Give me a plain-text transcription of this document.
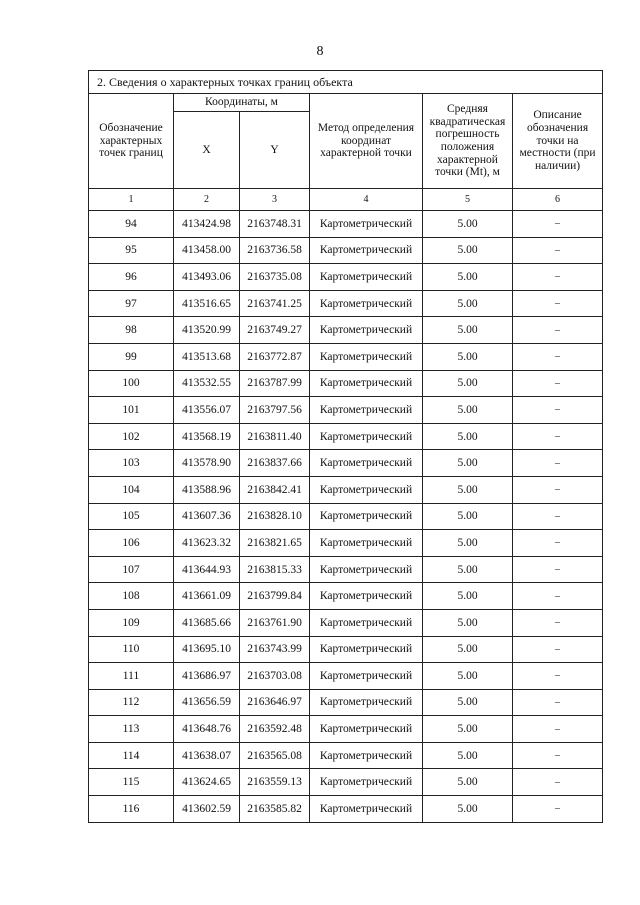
8
2. Сведения о характерных точках границ объекта					
Обозначение характерных точек границ	Координаты, м		Метод определения координат характерной точки	Средняя квадратическая погрешность положения характерной точки (Mt), м	Описание обозначения точки на местности (при наличии)
	X	Y			
1	2	3	4	5	6
94	413424.98	2163748.31	Картометрический	5.00	–
95	413458.00	2163736.58	Картометрический	5.00	–
96	413493.06	2163735.08	Картометрический	5.00	–
97	413516.65	2163741.25	Картометрический	5.00	–
98	413520.99	2163749.27	Картометрический	5.00	–
99	413513.68	2163772.87	Картометрический	5.00	–
100	413532.55	2163787.99	Картометрический	5.00	–
101	413556.07	2163797.56	Картометрический	5.00	–
102	413568.19	2163811.40	Картометрический	5.00	–
103	413578.90	2163837.66	Картометрический	5.00	–
104	413588.96	2163842.41	Картометрический	5.00	–
105	413607.36	2163828.10	Картометрический	5.00	–
106	413623.32	2163821.65	Картометрический	5.00	–
107	413644.93	2163815.33	Картометрический	5.00	–
108	413661.09	2163799.84	Картометрический	5.00	–
109	413685.66	2163761.90	Картометрический	5.00	–
110	413695.10	2163743.99	Картометрический	5.00	–
111	413686.97	2163703.08	Картометрический	5.00	–
112	413656.59	2163646.97	Картометрический	5.00	–
113	413648.76	2163592.48	Картометрический	5.00	–
114	413638.07	2163565.08	Картометрический	5.00	–
115	413624.65	2163559.13	Картометрический	5.00	–
116	413602.59	2163585.82	Картометрический	5.00	–
